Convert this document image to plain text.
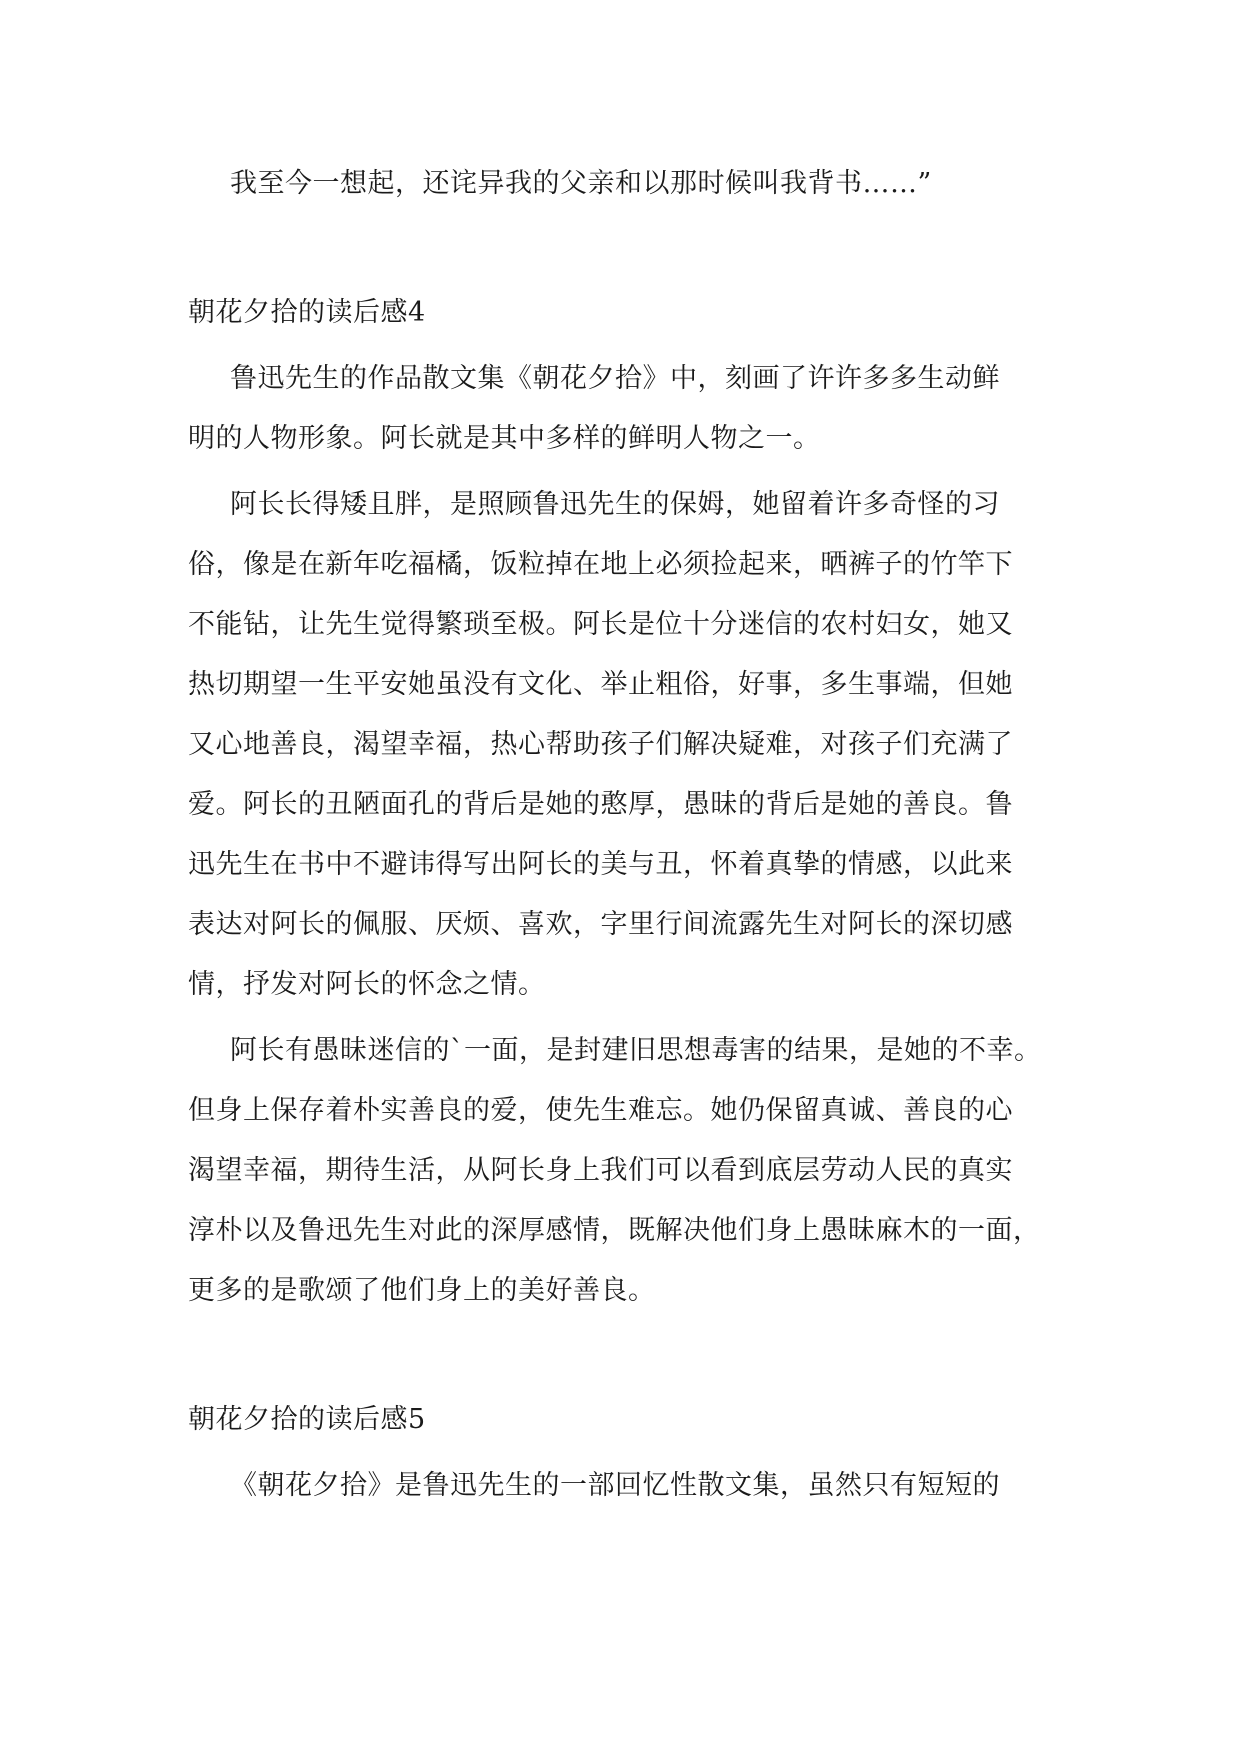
我至今一想起，还诧异我的父亲和以那时候叫我背书……”
朝花夕拾的读后感4
鲁迅先生的作品散文集《朝花夕拾》中，刻画了许许多多生动鲜
明的人物形象。阿长就是其中多样的鲜明人物之一。
阿长长得矮且胖，是照顾鲁迅先生的保姆，她留着许多奇怪的习
俗，像是在新年吃福橘，饭粒掉在地上必须捡起来，晒裤子的竹竿下
不能钻，让先生觉得繁琐至极。阿长是位十分迷信的农村妇女，她又
热切期望一生平安她虽没有文化、举止粗俗，好事，多生事端，但她
又心地善良，渴望幸福，热心帮助孩子们解决疑难，对孩子们充满了
爱。阿长的丑陋面孔的背后是她的憨厚，愚昧的背后是她的善良。鲁
迅先生在书中不避讳得写出阿长的美与丑，怀着真挚的情感，以此来
表达对阿长的佩服、厌烦、喜欢，字里行间流露先生对阿长的深切感
情，抒发对阿长的怀念之情。
阿长有愚昧迷信的`一面，是封建旧思想毒害的结果，是她的不幸。
但身上保存着朴实善良的爱，使先生难忘。她仍保留真诚、善良的心
渴望幸福，期待生活，从阿长身上我们可以看到底层劳动人民的真实
淳朴以及鲁迅先生对此的深厚感情，既解决他们身上愚昧麻木的一面，
更多的是歌颂了他们身上的美好善良。
朝花夕拾的读后感5
《朝花夕拾》是鲁迅先生的一部回忆性散文集，虽然只有短短的
